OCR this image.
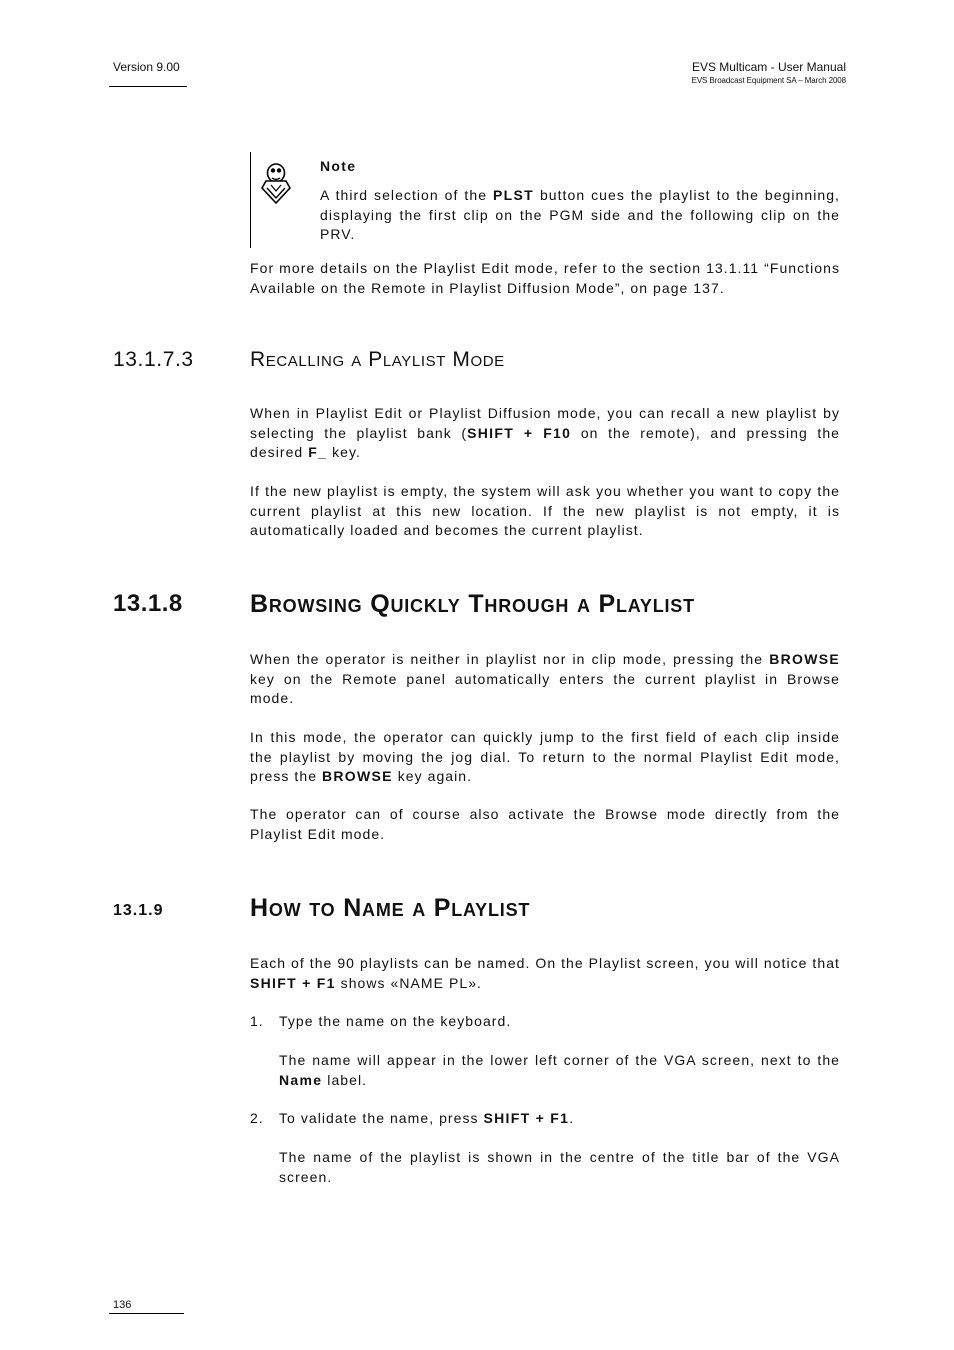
Version 9.00	EVS Multicam - User Manual
EVS Broadcast Equipment SA – March 2008
Note
A third selection of the PLST button cues the playlist to the beginning, displaying the first clip on the PGM side and the following clip on the PRV.
For more details on the Playlist Edit mode, refer to the section 13.1.11 “Functions Available on the Remote in Playlist Diffusion Mode”, on page 137.
13.1.7.3	Recalling a Playlist Mode
When in Playlist Edit or Playlist Diffusion mode, you can recall a new playlist by selecting the playlist bank (SHIFT + F10 on the remote), and pressing the desired F_ key.
If the new playlist is empty, the system will ask you whether you want to copy the current playlist at this new location. If the new playlist is not empty, it is automatically loaded and becomes the current playlist.
13.1.8	Browsing Quickly Through a Playlist
When the operator is neither in playlist nor in clip mode, pressing the BROWSE key on the Remote panel automatically enters the current playlist in Browse mode.
In this mode, the operator can quickly jump to the first field of each clip inside the playlist by moving the jog dial. To return to the normal Playlist Edit mode, press the BROWSE key again.
The operator can of course also activate the Browse mode directly from the Playlist Edit mode.
13.1.9	How to Name a Playlist
Each of the 90 playlists can be named. On the Playlist screen, you will notice that SHIFT + F1 shows «NAME PL».
1. Type the name on the keyboard.
The name will appear in the lower left corner of the VGA screen, next to the Name label.
2. To validate the name, press SHIFT + F1.
The name of the playlist is shown in the centre of the title bar of the VGA screen.
136
